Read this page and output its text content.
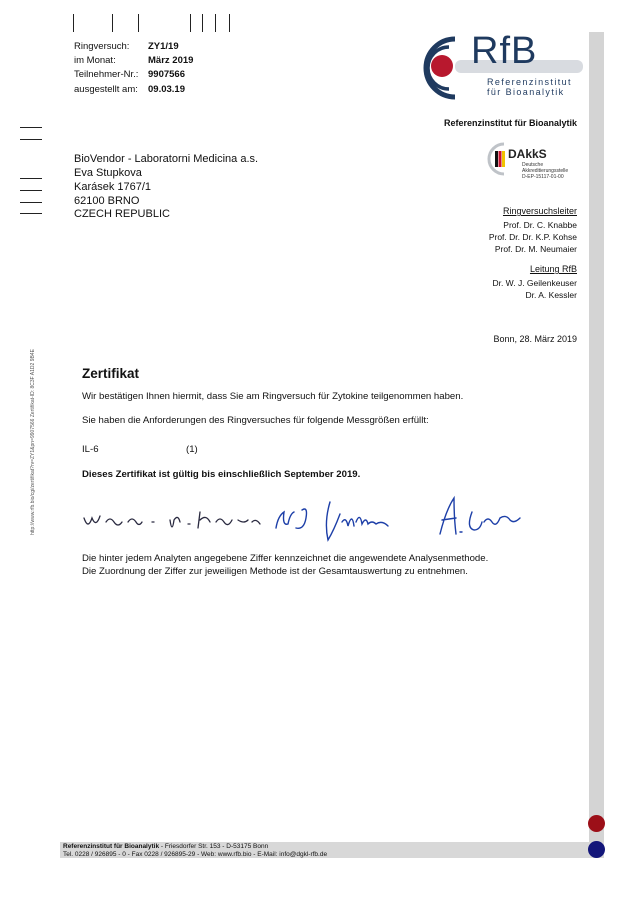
Ringversuch: ZY1/19
im Monat:	März 2019
Teilnehmer-Nr.: 9907566
ausgestellt am: 09.03.19
RfB
Referenzinstitut
für Bioanalytik
Referenzinstitut für Bioanalytik
BioVendor - Laboratorni Medicina a.s.
Eva Stupkova
Karásek 1767/1
62100 BRNO
CZECH REPUBLIC
DAkkS
Deutsche
Akkreditierungsstelle
D-EP-15117-01-00
Ringversuchsleiter
Prof. Dr. C. Knabbe
Prof. Dr. Dr. K.P. Kohse
Prof. Dr. M. Neumaier
Leitung RfB
Dr. W. J. Geilenkeuser
Dr. A. Kessler
Bonn, 28. März 2019
Zertifikat
Wir bestätigen Ihnen hiermit, dass Sie am Ringversuch für Zytokine teilgenommen haben.
Sie haben die Anforderungen des Ringversuches für folgende Messgrößen erfüllt:
IL-6	(1)
Dieses Zertifikat ist gültig bis einschließlich September 2019.
Die hinter jedem Analyten angegebene Ziffer kennzeichnet die angewendete Analysenmethode.
Die Zuordnung der Ziffer zur jeweiligen Methode ist der Gesamtauswertung zu entnehmen.
http://www.rfb.bio/cgi/zertifikat?rv=ZY1&pn=9907566 Zertifikat-ID: 8C3F A1D2 9B4E
Referenzinstitut für Bioanalytik - Friesdorfer Str. 153 - D-53175 Bonn
Tel. 0228 / 926895 - 0 - Fax 0228 / 926895-29 - Web: www.rfb.bio - E-Mail: info@dgkl-rfb.de
